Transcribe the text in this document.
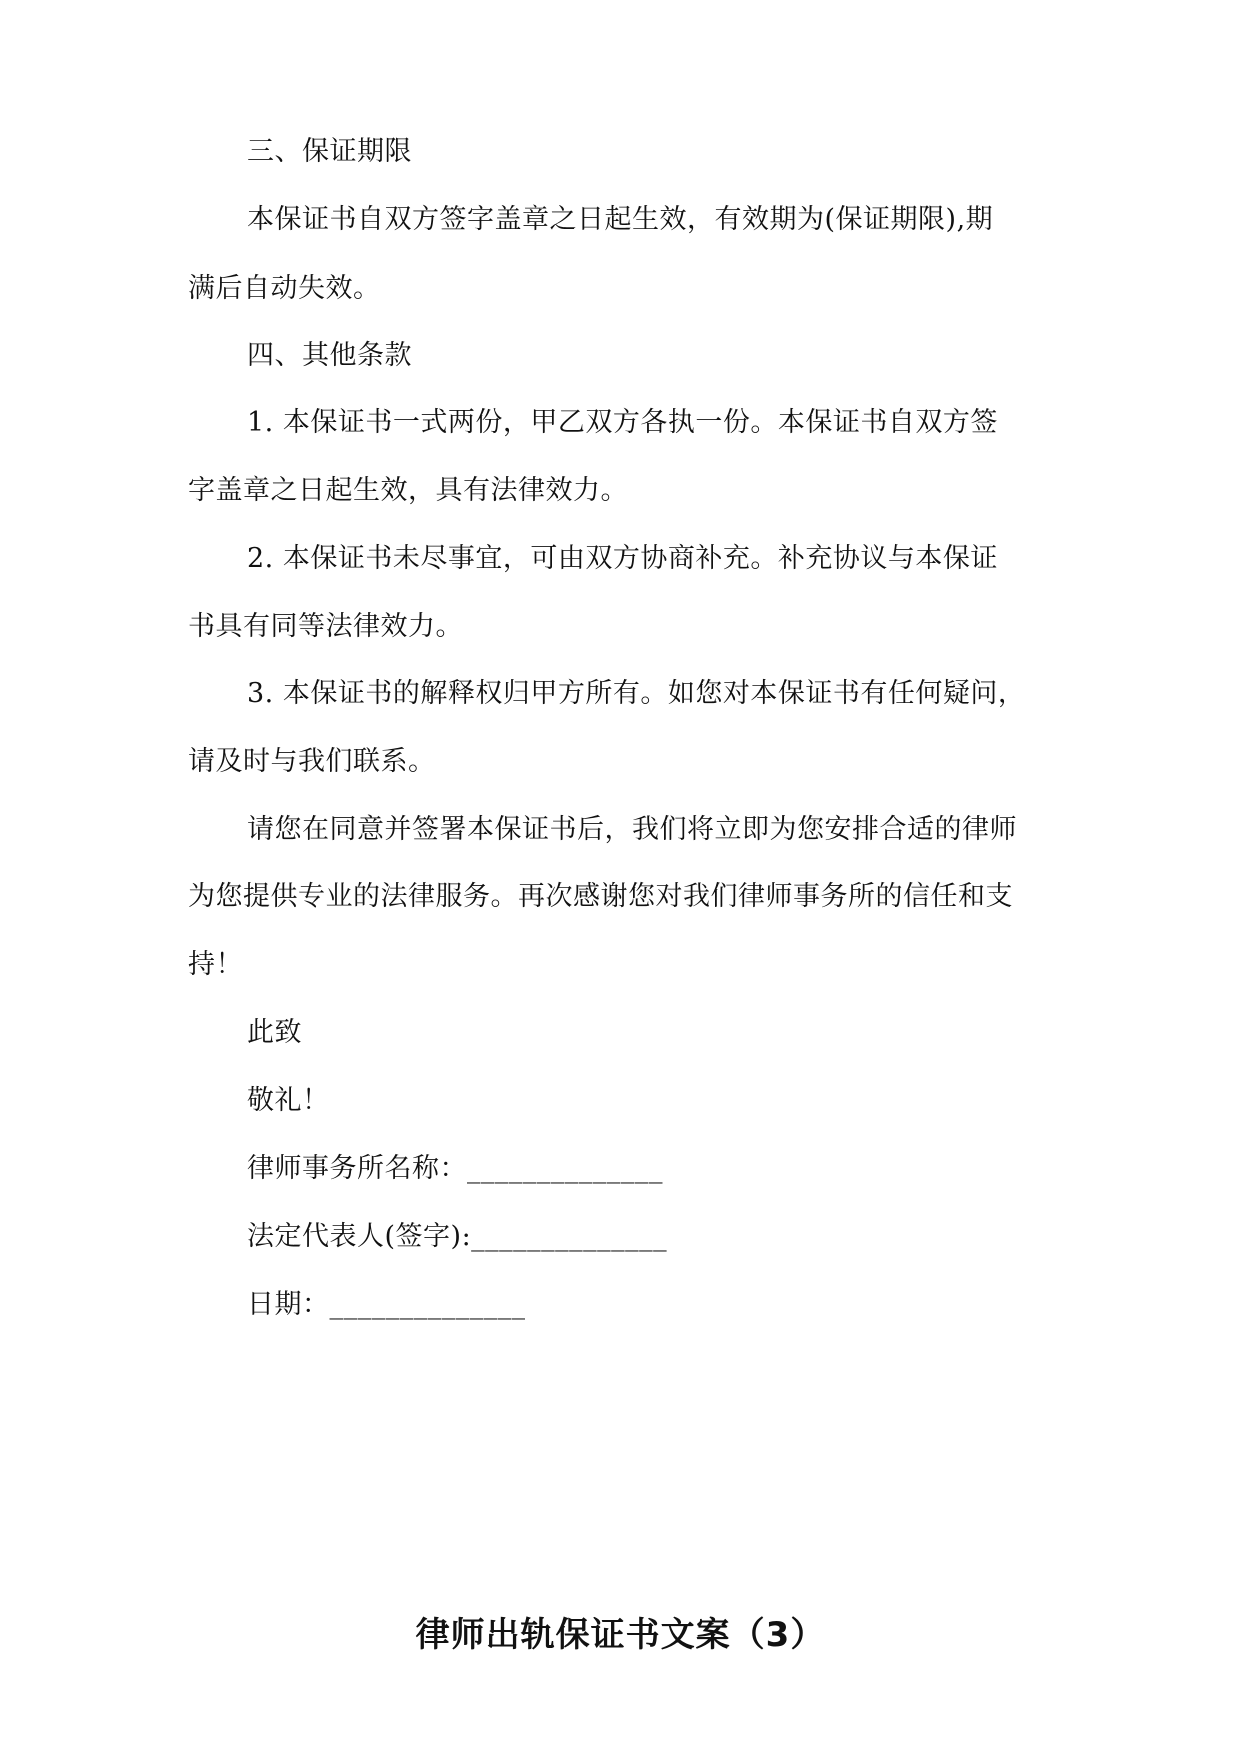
三、保证期限
本保证书自双方签字盖章之日起生效，有效期为(保证期限),期
满后自动失效。
四、其他条款
1. 本保证书一式两份，甲乙双方各执一份。本保证书自双方签
字盖章之日起生效，具有法律效力。
2. 本保证书未尽事宜，可由双方协商补充。补充协议与本保证
书具有同等法律效力。
3. 本保证书的解释权归甲方所有。如您对本保证书有任何疑问，
请及时与我们联系。
请您在同意并签署本保证书后，我们将立即为您安排合适的律师
为您提供专业的法律服务。再次感谢您对我们律师事务所的信任和支
持！
此致
敬礼！
律师事务所名称：______________
法定代表人(签字):______________
日期：______________
律师出轨保证书文案（3）
